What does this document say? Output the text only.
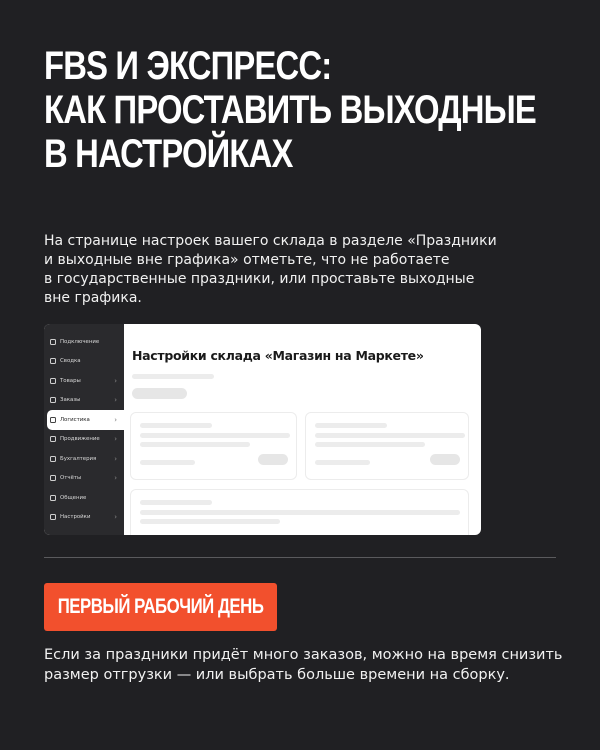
FBS И ЭКСПРЕСС:
КАК ПРОСТАВИТЬ ВЫХОДНЫЕ
В НАСТРОЙКАХ
На странице настроек вашего склада в разделе «Праздники
и выходные вне графика» отметьте, что не работаете
в государственные праздники, или проставьте выходные
вне графика.
Подключение
Сводка
Товары	›
Заказы	›
Логистика	›
Продвижение ›
Бухгалтерия	›
Отчёты	›
Общение
Настройки	›
Настройки склада «Магазин на Маркете»
ПЕРВЫЙ РАБОЧИЙ ДЕНЬ
Если за праздники придёт много заказов, можно на время снизить
размер отгрузки — или выбрать больше времени на сборку.
